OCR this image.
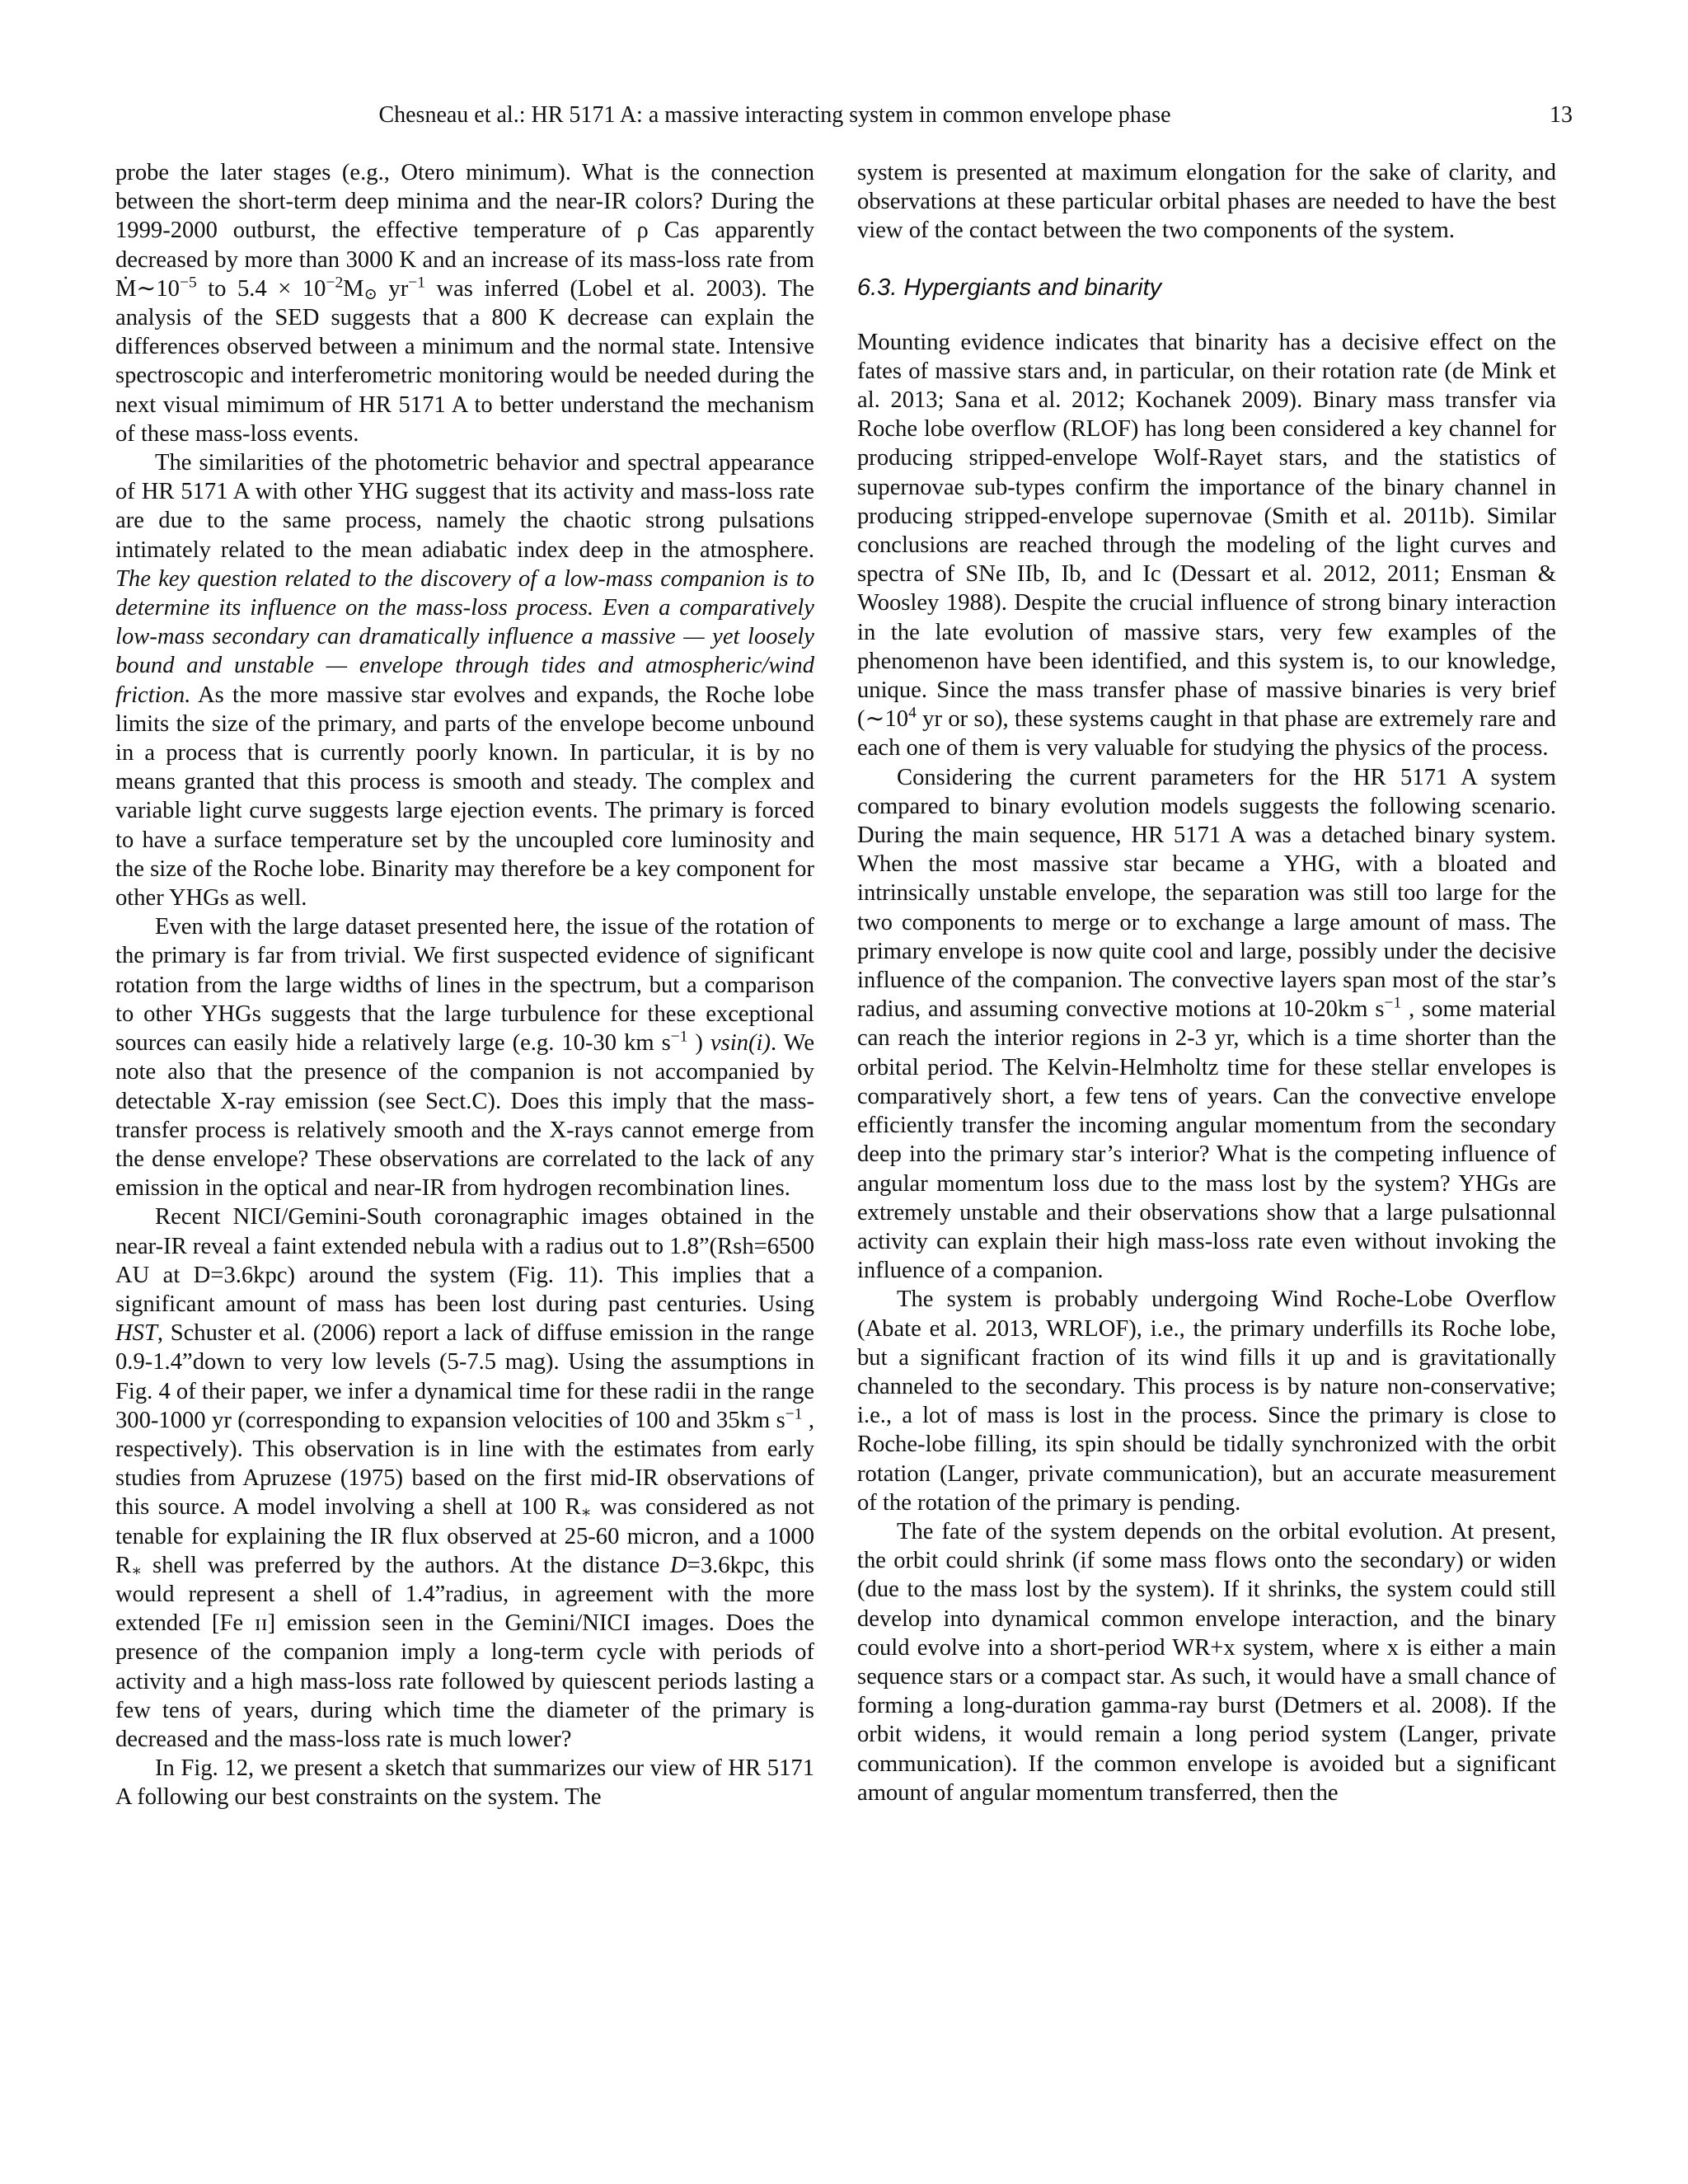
Chesneau et al.: HR 5171 A: a massive interacting system in common envelope phase	13

probe the later stages (e.g., Otero minimum). What is the connection between the short-term deep minima and the near-IR colors? During the 1999-2000 outburst, the effective temperature of ρ Cas apparently decreased by more than 3000 K and an increase of its mass-loss rate from $Ṁ\sim 10^{-5}$ to $5.4 \times 10^{-2}M_⊙$ $yr^{-1}$ was inferred (Lobel et al. 2003). The analysis of the SED suggests that a 800 K decrease can explain the differences observed between a minimum and the normal state. Intensive spectroscopic and interferometric monitoring would be needed during the next visual mimimum of HR 5171 A to better understand the mechanism of these mass-loss events.

The similarities of the photometric behavior and spectral appearance of HR 5171 A with other YHG suggest that its activity and mass-loss rate are due to the same process, namely the chaotic strong pulsations intimately related to the mean adiabatic index deep in the atmosphere. The key question related to the discovery of a low-mass companion is to determine its influence on the mass-loss process. Even a comparatively low-mass secondary can dramatically influence a massive — yet loosely bound and unstable — envelope through tides and atmospheric/wind friction. As the more massive star evolves and expands, the Roche lobe limits the size of the primary, and parts of the envelope become unbound in a process that is currently poorly known. In particular, it is by no means granted that this process is smooth and steady. The complex and variable light curve suggests large ejection events. The primary is forced to have a surface temperature set by the uncoupled core luminosity and the size of the Roche lobe. Binarity may therefore be a key component for other YHGs as well.

Even with the large dataset presented here, the issue of the rotation of the primary is far from trivial. We first suspected evidence of significant rotation from the large widths of lines in the spectrum, but a comparison to other YHGs suggests that the large turbulence for these exceptional sources can easily hide a relatively large (e.g. 10-30 km $s^{-1}$ ) vsin(i). We note also that the presence of the companion is not accompanied by detectable X-ray emission (see Sect.C). Does this imply that the mass-transfer process is relatively smooth and the X-rays cannot emerge from the dense envelope? These observations are correlated to the lack of any emission in the optical and near-IR from hydrogen recombination lines.

Recent NICI/Gemini-South coronagraphic images obtained in the near-IR reveal a faint extended nebula with a radius out to 1.8”(Rsh=6500 AU at D=3.6kpc) around the system (Fig. 11). This implies that a significant amount of mass has been lost during past centuries. Using HST, Schuster et al. (2006) report a lack of diffuse emission in the range 0.9-1.4”down to very low levels (5-7.5 mag). Using the assumptions in Fig. 4 of their paper, we infer a dynamical time for these radii in the range 300-1000 yr (corresponding to expansion velocities of 100 and 35km $s^{-1}$ , respectively). This observation is in line with the estimates from early studies from Apruzese (1975) based on the first mid-IR observations of this source. A model involving a shell at 100 $R_∗$ was considered as not tenable for explaining the IR flux observed at 25-60 micron, and a 1000 $R_∗$ shell was preferred by the authors. At the distance D=3.6kpc, this would represent a shell of 1.4”radius, in agreement with the more extended [Fe ɪɪ] emission seen in the Gemini/NICI images. Does the presence of the companion imply a long-term cycle with periods of activity and a high mass-loss rate followed by quiescent periods lasting a few tens of years, during which time the diameter of the primary is decreased and the mass-loss rate is much lower?

In Fig. 12, we present a sketch that summarizes our view of HR 5171 A following our best constraints on the system. The

system is presented at maximum elongation for the sake of clarity, and observations at these particular orbital phases are needed to have the best view of the contact between the two components of the system.

6.3. Hypergiants and binarity

Mounting evidence indicates that binarity has a decisive effect on the fates of massive stars and, in particular, on their rotation rate (de Mink et al. 2013; Sana et al. 2012; Kochanek 2009). Binary mass transfer via Roche lobe overflow (RLOF) has long been considered a key channel for producing stripped-envelope Wolf-Rayet stars, and the statistics of supernovae sub-types confirm the importance of the binary channel in producing stripped-envelope supernovae (Smith et al. 2011b). Similar conclusions are reached through the modeling of the light curves and spectra of SNe IIb, Ib, and Ic (Dessart et al. 2012, 2011; Ensman & Woosley 1988). Despite the crucial influence of strong binary interaction in the late evolution of massive stars, very few examples of the phenomenon have been identified, and this system is, to our knowledge, unique. Since the mass transfer phase of massive binaries is very brief ($\sim 10^4$ yr or so), these systems caught in that phase are extremely rare and each one of them is very valuable for studying the physics of the process.

Considering the current parameters for the HR 5171 A system compared to binary evolution models suggests the following scenario. During the main sequence, HR 5171 A was a detached binary system. When the most massive star became a YHG, with a bloated and intrinsically unstable envelope, the separation was still too large for the two components to merge or to exchange a large amount of mass. The primary envelope is now quite cool and large, possibly under the decisive influence of the companion. The convective layers span most of the star’s radius, and assuming convective motions at 10-20km $s^{-1}$ , some material can reach the interior regions in 2-3 yr, which is a time shorter than the orbital period. The Kelvin-Helmholtz time for these stellar envelopes is comparatively short, a few tens of years. Can the convective envelope efficiently transfer the incoming angular momentum from the secondary deep into the primary star’s interior? What is the competing influence of angular momentum loss due to the mass lost by the system? YHGs are extremely unstable and their observations show that a large pulsationnal activity can explain their high mass-loss rate even without invoking the influence of a companion.

The system is probably undergoing Wind Roche-Lobe Overflow (Abate et al. 2013, WRLOF), i.e., the primary underfills its Roche lobe, but a significant fraction of its wind fills it up and is gravitationally channeled to the secondary. This process is by nature non-conservative; i.e., a lot of mass is lost in the process. Since the primary is close to Roche-lobe filling, its spin should be tidally synchronized with the orbit rotation (Langer, private communication), but an accurate measurement of the rotation of the primary is pending.

The fate of the system depends on the orbital evolution. At present, the orbit could shrink (if some mass flows onto the secondary) or widen (due to the mass lost by the system). If it shrinks, the system could still develop into dynamical common envelope interaction, and the binary could evolve into a short-period WR+x system, where x is either a main sequence stars or a compact star. As such, it would have a small chance of forming a long-duration gamma-ray burst (Detmers et al. 2008). If the orbit widens, it would remain a long period system (Langer, private communication). If the common envelope is avoided but a significant amount of angular momentum transferred, then the
